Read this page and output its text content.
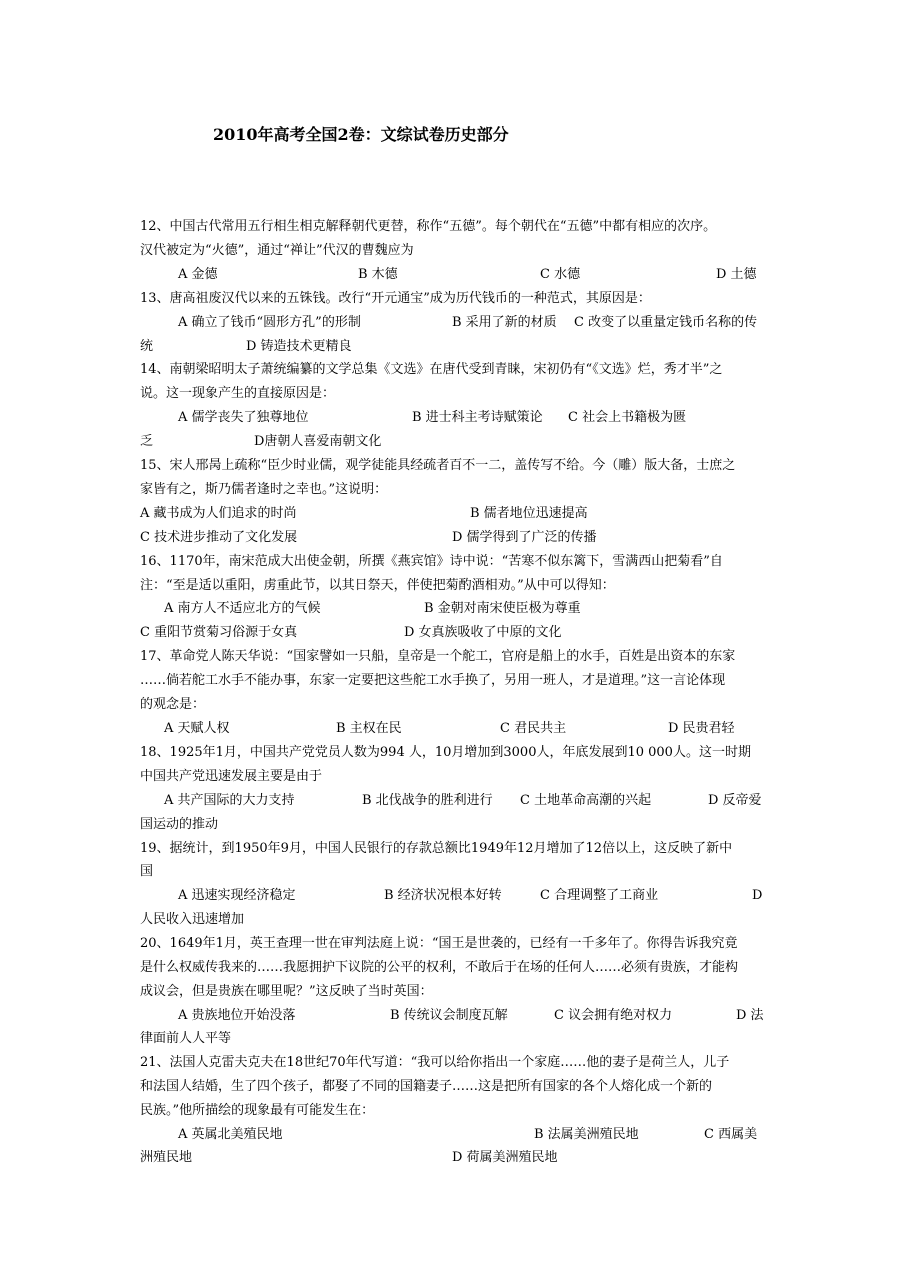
2010年高考全国2卷：文综试卷历史部分
12、中国古代常用五行相生相克解释朝代更替，称作“五德”。每个朝代在“五德”中都有相应的次序。
汉代被定为“火德”，通过“禅让”代汉的曹魏应为
A 金德	B 木德	C 水德	D 土德
13、唐高祖废汉代以来的五铢钱。改行“开元通宝”成为历代钱币的一种范式，其原因是：
A 确立了钱币“圆形方孔”的形制	B 采用了新的材质 C 改变了以重量定钱币名称的传
统	D 铸造技术更精良
14、南朝梁昭明太子萧统编纂的文学总集《文选》在唐代受到青睐，宋初仍有“《文选》烂，秀才半”之
说。这一现象产生的直接原因是：
A 儒学丧失了独尊地位	B 进士科主考诗赋策论 C 社会上书籍极为匮
乏	D唐朝人喜爱南朝文化
15、宋人邢昺上疏称“臣少时业儒，观学徒能具经疏者百不一二，盖传写不给。今（雕）版大备，士庶之
家皆有之，斯乃儒者逢时之幸也。”这说明：
A 藏书成为人们追求的时尚	B 儒者地位迅速提高
C 技术进步推动了文化发展	D 儒学得到了广泛的传播
16、1170年，南宋范成大出使金朝，所撰《燕宾馆》诗中说：“苦寒不似东篱下，雪满西山把菊看”自
注：“至是适以重阳，虏重此节，以其日祭天，伴使把菊酌酒相劝。”从中可以得知：
A 南方人不适应北方的气候	B 金朝对南宋使臣极为尊重
C 重阳节赏菊习俗源于女真	D 女真族吸收了中原的文化
17、革命党人陈天华说：“国家譬如一只船，皇帝是一个舵工，官府是船上的水手，百姓是出资本的东家
……倘若舵工水手不能办事，东家一定要把这些舵工水手换了，另用一班人，才是道理。”这一言论体现
的观念是：
A 天赋人权	B 主权在民	C 君民共主	D 民贵君轻
18、1925年1月，中国共产党党员人数为994 人，10月增加到3000人，年底发展到10 000人。这一时期
中国共产党迅速发展主要是由于
A 共产国际的大力支持	B 北伐战争的胜利进行 C 土地革命高潮的兴起	D 反帝爱
国运动的推动
19、据统计，到1950年9月，中国人民银行的存款总额比1949年12月增加了12倍以上，这反映了新中
国
A 迅速实现经济稳定	B 经济状况根本好转	C 合理调整了工商业	D
人民收入迅速增加
20、1649年1月，英王查理一世在审判法庭上说：“国王是世袭的，已经有一千多年了。你得告诉我究竟
是什么权威传我来的……我愿拥护下议院的公平的权利，不敢后于在场的任何人……必须有贵族，才能构
成议会，但是贵族在哪里呢？”这反映了当时英国：
A 贵族地位开始没落	B 传统议会制度瓦解	C 议会拥有绝对权力	D 法
律面前人人平等
21、法国人克雷夫克夫在18世纪70年代写道：“我可以给你指出一个家庭……他的妻子是荷兰人，儿子
和法国人结婚，生了四个孩子，都娶了不同的国籍妻子……这是把所有国家的各个人熔化成一个新的
民族。”他所描绘的现象最有可能发生在：
A 英属北美殖民地	B 法属美洲殖民地	C 西属美
洲殖民地	D 荷属美洲殖民地
